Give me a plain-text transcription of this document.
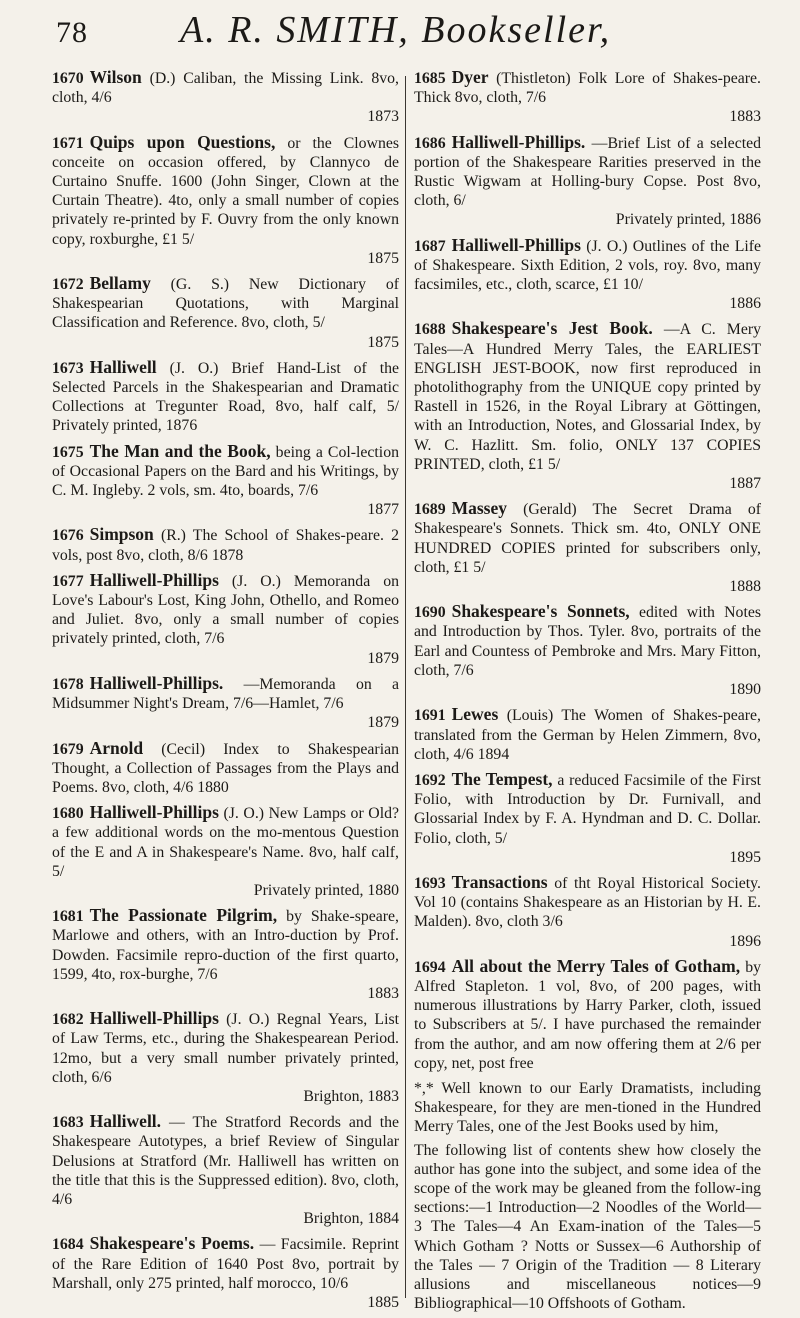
78 A. R. SMITH, Bookseller,
1670 Wilson (D.) Caliban, the Missing Link. 8vo, cloth, 4/6
1873
1671 Quips upon Questions, or the Clownes conceite on occasion offered, by Clannyco de Curtaino Snuffe. 1600 (John Singer, Clown at the Curtain Theatre). 4to, only a small number of copies privately re-printed by F. Ouvry from the only known copy, roxburghe, £1 5/
1875
1672 Bellamy (G. S.) New Dictionary of Shakespearian Quotations, with Marginal Classification and Reference. 8vo, cloth, 5/
1875
1673 Halliwell (J. O.) Brief Hand-List of the Selected Parcels in the Shakespearian and Dramatic Collections at Tregunter Road, 8vo, half calf, 5/ Privately printed, 1876
1675 The Man and the Book, being a Col-lection of Occasional Papers on the Bard and his Writings, by C. M. Ingleby. 2 vols, sm. 4to, boards, 7/6
1877
1676 Simpson (R.) The School of Shakes-peare. 2 vols, post 8vo, cloth, 8/6 1878
1677 Halliwell-Phillips (J. O.) Memoranda on Love's Labour's Lost, King John, Othello, and Romeo and Juliet. 8vo, only a small number of copies privately printed, cloth, 7/6
1879
1678 Halliwell-Phillips. —Memoranda on a Midsummer Night's Dream, 7/6—Hamlet, 7/6
1879
1679 Arnold (Cecil) Index to Shakespearian Thought, a Collection of Passages from the Plays and Poems. 8vo, cloth, 4/6 1880
1680 Halliwell-Phillips (J. O.) New Lamps or Old? a few additional words on the mo-mentous Question of the E and A in Shakespeare's Name. 8vo, half calf, 5/
Privately printed, 1880
1681 The Passionate Pilgrim, by Shake-speare, Marlowe and others, with an Intro-duction by Prof. Dowden. Facsimile repro-duction of the first quarto, 1599, 4to, rox-burghe, 7/6
1883
1682 Halliwell-Phillips (J. O.) Regnal Years, List of Law Terms, etc., during the Shakespearean Period. 12mo, but a very small number privately printed, cloth, 6/6
Brighton, 1883
1683 Halliwell. — The Stratford Records and the Shakespeare Autotypes, a brief Review of Singular Delusions at Stratford (Mr. Halliwell has written on the title that this is the Suppressed edition). 8vo, cloth, 4/6
Brighton, 1884
1684 Shakespeare's Poems. — Facsimile. Reprint of the Rare Edition of 1640 Post 8vo, portrait by Marshall, only 275 printed, half morocco, 10/6
1885
1685 Dyer (Thistleton) Folk Lore of Shakes-peare. Thick 8vo, cloth, 7/6
1883
1686 Halliwell-Phillips. —Brief List of a selected portion of the Shakespeare Rarities preserved in the Rustic Wigwam at Holling-bury Copse. Post 8vo, cloth, 6/
Privately printed, 1886
1687 Halliwell-Phillips (J. O.) Outlines of the Life of Shakespeare. Sixth Edition, 2 vols, roy. 8vo, many facsimiles, etc., cloth, scarce, £1 10/
1886
1688 Shakespeare's Jest Book. —A C. Mery Tales—A Hundred Merry Tales, the EARLIEST ENGLISH JEST-BOOK, now first reproduced in photolithography from the UNIQUE copy printed by Rastell in 1526, in the Royal Library at Göttingen, with an Introduction, Notes, and Glossarial Index, by W. C. Hazlitt. Sm. folio, ONLY 137 COPIES PRINTED, cloth, £1 5/
1887
1689 Massey (Gerald) The Secret Drama of Shakespeare's Sonnets. Thick sm. 4to, ONLY ONE HUNDRED COPIES printed for subscribers only, cloth, £1 5/
1888
1690 Shakespeare's Sonnets, edited with Notes and Introduction by Thos. Tyler. 8vo, portraits of the Earl and Countess of Pembroke and Mrs. Mary Fitton, cloth, 7/6
1890
1691 Lewes (Louis) The Women of Shakes-peare, translated from the German by Helen Zimmern, 8vo, cloth, 4/6 1894
1692 The Tempest, a reduced Facsimile of the First Folio, with Introduction by Dr. Furnivall, and Glossarial Index by F. A. Hyndman and D. C. Dollar. Folio, cloth, 5/
1895
1693 Transactions of tht Royal Historical Society. Vol 10 (contains Shakespeare as an Historian by H. E. Malden). 8vo, cloth 3/6
1896
1694 All about the Merry Tales of Gotham, by Alfred Stapleton. 1 vol, 8vo, of 200 pages, with numerous illustrations by Harry Parker, cloth, issued to Subscribers at 5/. I have purchased the remainder from the author, and am now offering them at 2/6 per copy, net, post free
*,* Well known to our Early Dramatists, including Shakespeare, for they are men-tioned in the Hundred Merry Tales, one of the Jest Books used by him,
The following list of contents shew how closely the author has gone into the subject, and some idea of the scope of the work may be gleaned from the follow-ing sections:—1 Introduction—2 Noodles of the World—3 The Tales—4 An Exam-ination of the Tales—5 Which Gotham ? Notts or Sussex—6 Authorship of the Tales — 7 Origin of the Tradition — 8 Literary allusions and miscellaneous notices—9 Bibliographical—10 Offshoots of Gotham.
